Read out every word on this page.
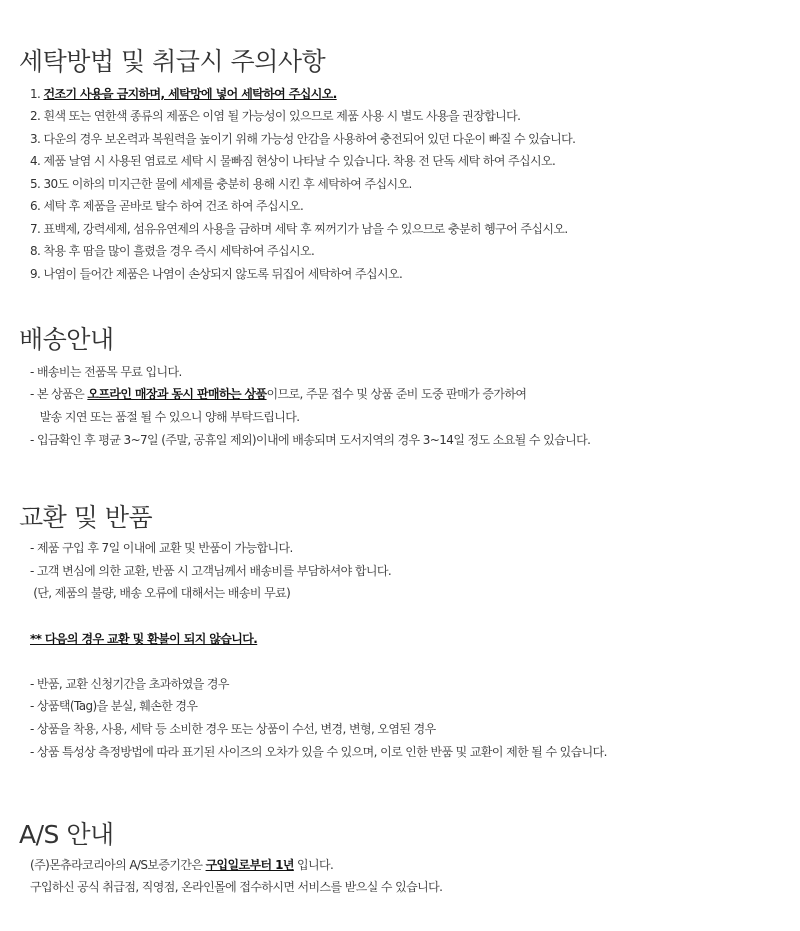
세탁방법 및 취급시 주의사항
1. 건조기 사용을 금지하며, 세탁망에 넣어 세탁하여 주십시오.
2. 흰색 또는 연한색 종류의 제품은 이염 될 가능성이 있으므로 제품 사용 시 별도 사용을 권장합니다.
3. 다운의 경우 보온력과 복원력을 높이기 위해 가능성 안감을 사용하여 충전되어 있던 다운이 빠질 수 있습니다.
4. 제품 날염 시 사용된 염료로 세탁 시 물빠짐 현상이 나타날 수 있습니다. 착용 전 단독 세탁 하여 주십시오.
5. 30도 이하의 미지근한 물에 세제를 충분히 용해 시킨 후 세탁하여 주십시오.
6. 세탁 후 제품을 곧바로 탈수 하여 건조 하여 주십시오.
7. 표백제, 강력세제, 섬유유연제의 사용을 금하며 세탁 후 찌꺼기가 남을 수 있으므로 충분히 헹구어 주십시오.
8. 착용 후 땀을 많이 흘렸을 경우 즉시 세탁하여 주십시오.
9. 나염이 들어간 제품은 나염이 손상되지 않도록 뒤집어 세탁하여 주십시오.
배송안내
- 배송비는 전품목 무료 입니다.
- 본 상품은 오프라인 매장과 동시 판매하는 상품이므로, 주문 접수 및 상품 준비 도중 판매가 증가하여
발송 지연 또는 품절 될 수 있으니 양해 부탁드립니다.
- 입금확인 후 평균 3~7일 (주말, 공휴일 제외)이내에 배송되며 도서지역의 경우 3~14일 정도 소요될 수 있습니다.
교환 및 반품
- 제품 구입 후 7일 이내에 교환 및 반품이 가능합니다.
- 고객 변심에 의한 교환, 반품 시 고객님께서 배송비를 부담하셔야 합니다.
(단, 제품의 불량, 배송 오류에 대해서는 배송비 무료)
** 다음의 경우 교환 및 환불이 되지 않습니다.
- 반품, 교환 신청기간을 초과하였을 경우
- 상품택(Tag)을 분실, 훼손한 경우
- 상품을 착용, 사용, 세탁 등 소비한 경우 또는 상품이 수선, 변경, 변형, 오염된 경우
- 상품 특성상 측정방법에 따라 표기된 사이즈의 오차가 있을 수 있으며, 이로 인한 반품 및 교환이 제한 될 수 있습니다.
A/S 안내
(주)몬츄라코리아의 A/S보증기간은 구입일로부터 1년 입니다.
구입하신 공식 취급점, 직영점, 온라인몰에 접수하시면 서비스를 받으실 수 있습니다.
